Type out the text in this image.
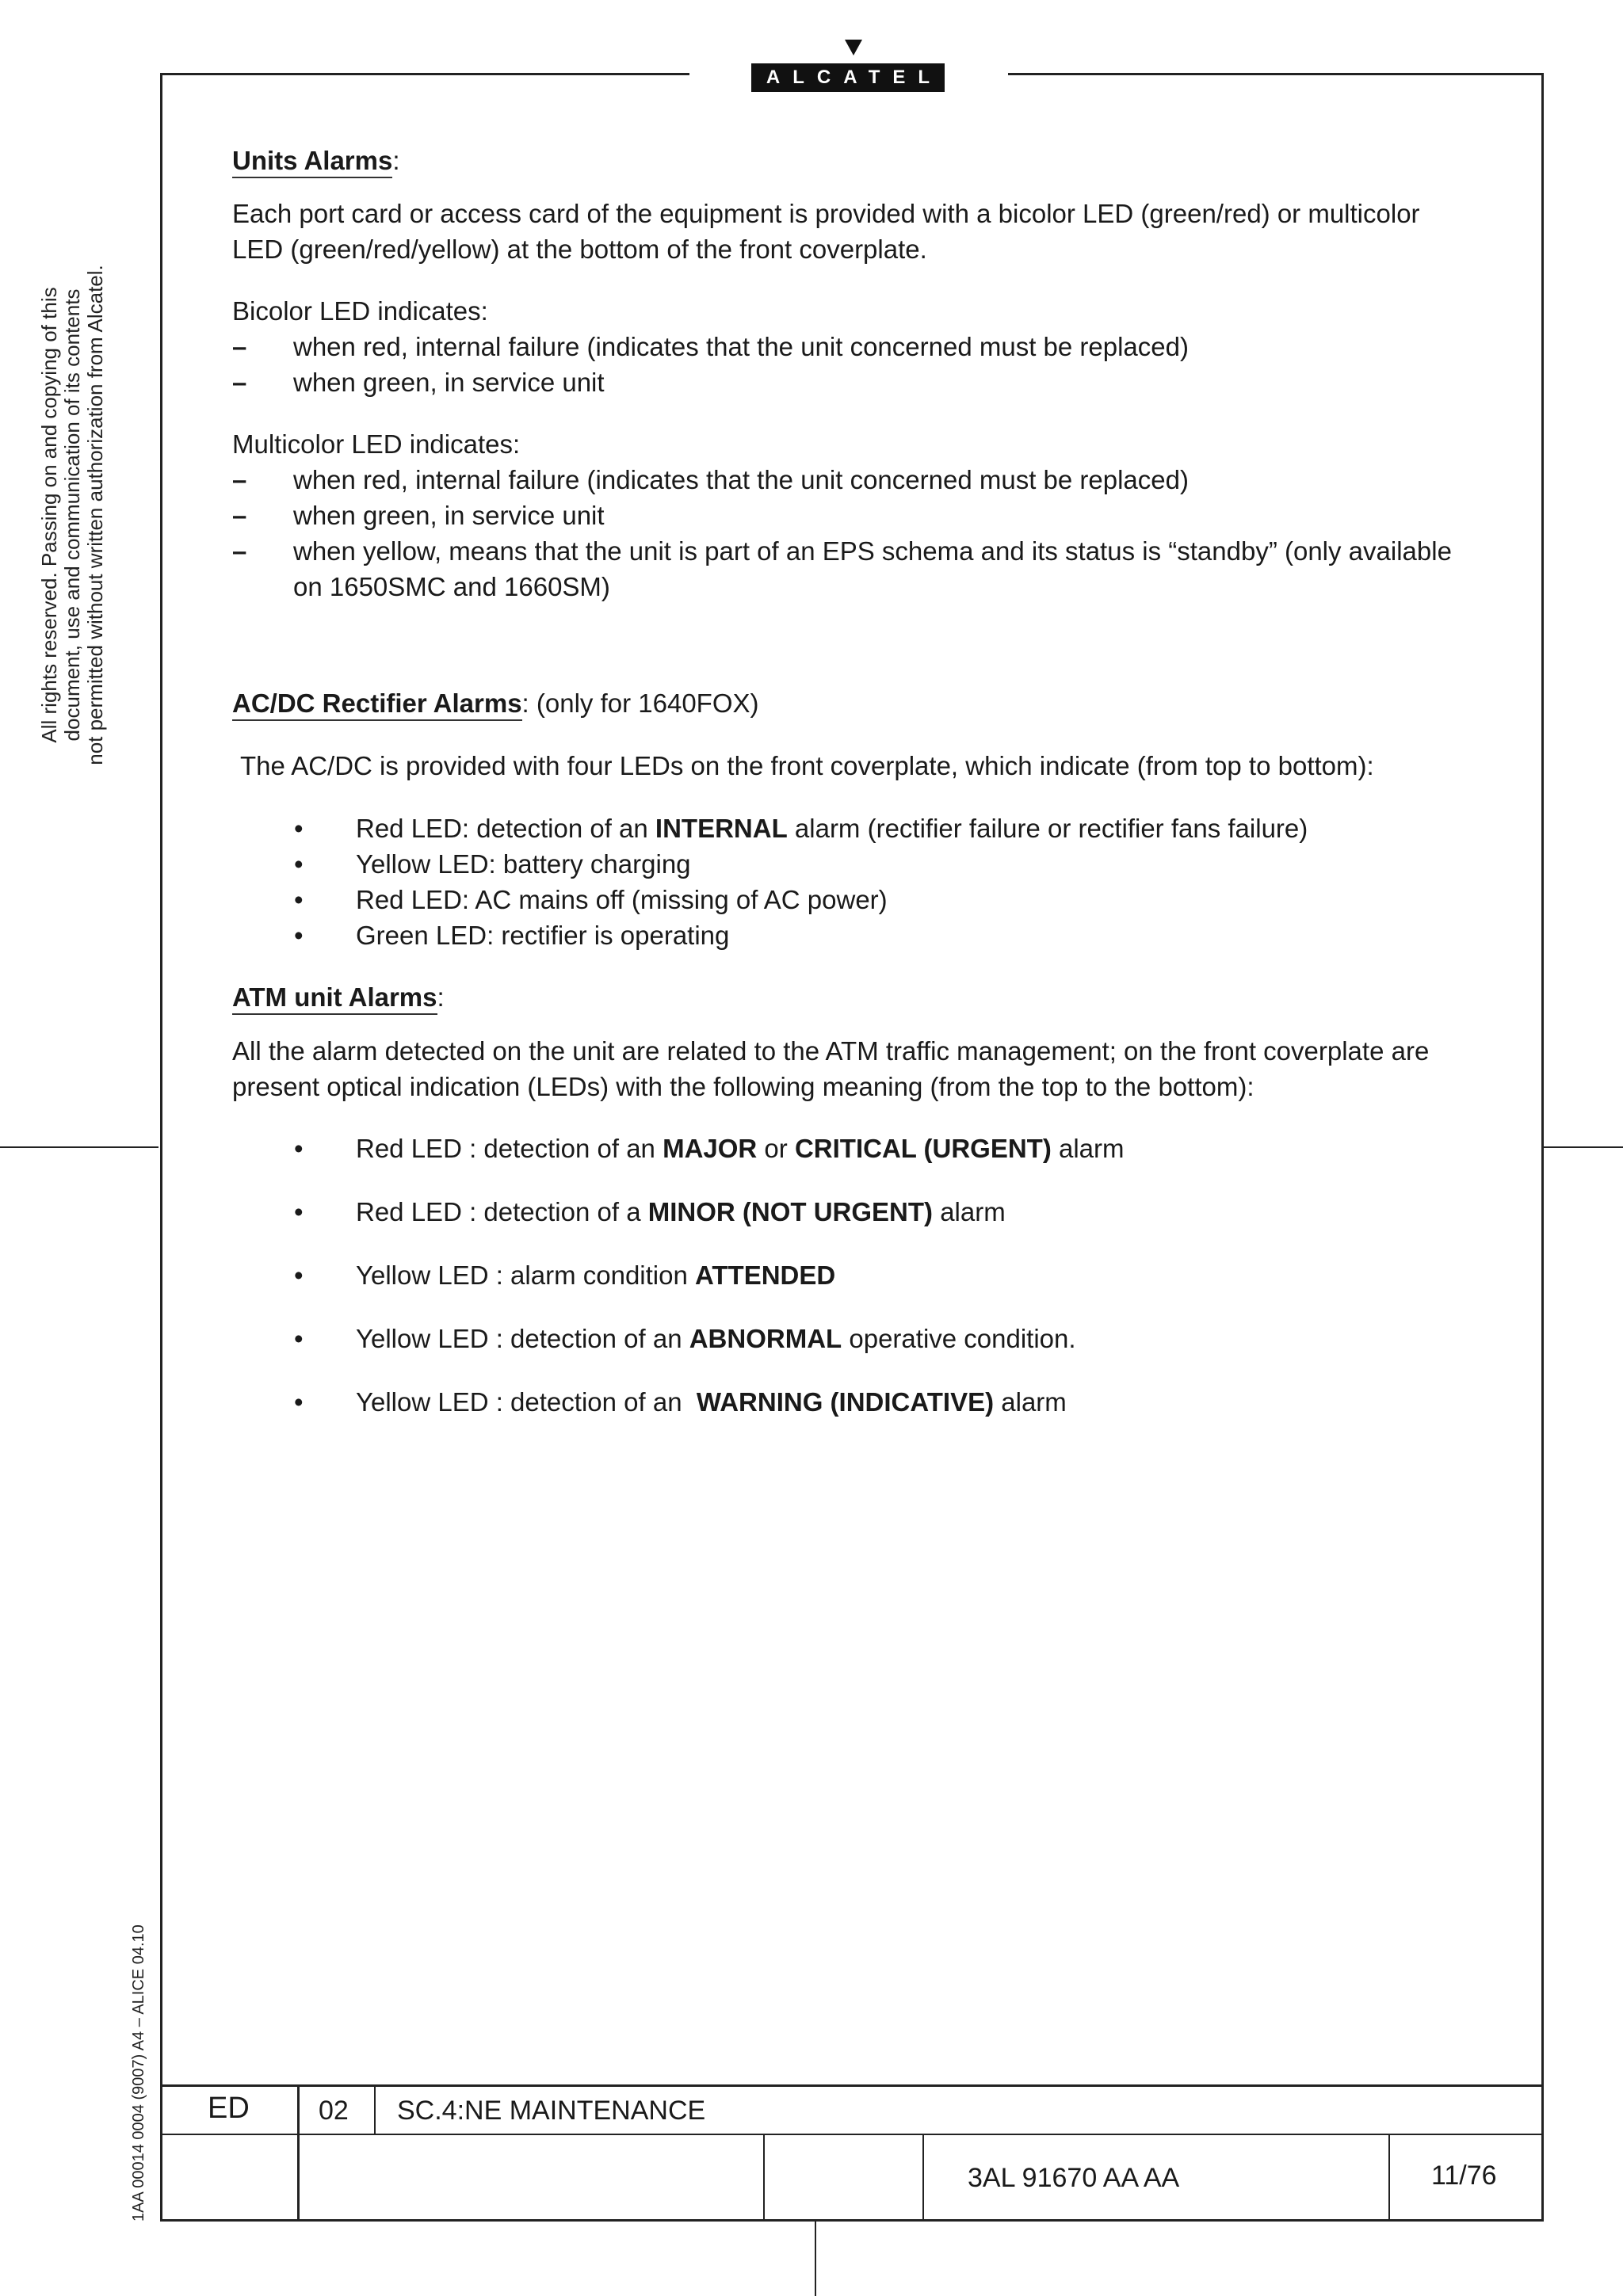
ALCATEL
All rights reserved. Passing on and copying of this document, use and communication of its contents not permitted without written authorization from Alcatel.
1AA 00014 0004 (9007) A4 – ALICE 04.10
Units Alarms:

Each port card or access card of the equipment is provided with a bicolor LED (green/red) or multicolor
LED (green/red/yellow) at the bottom of the front coverplate.

Bicolor LED indicates:

– when red, internal failure (indicates that the unit concerned must be replaced)
– when green, in service unit

Multicolor LED indicates:

– when red, internal failure (indicates that the unit concerned must be replaced)
– when green, in service unit
– when yellow, means that the unit is part of an EPS schema and its status is “standby” (only available
on 1650SMC and 1660SM)
AC/DC Rectifier Alarms: (only for 1640FOX)

The AC/DC is provided with four LEDs on the front coverplate, which indicate (from top to bottom):

• Red LED: detection of an INTERNAL alarm (rectifier failure or rectifier fans failure)
• Yellow LED: battery charging
• Red LED: AC mains off (missing of AC power)
• Green LED: rectifier is operating
ATM unit Alarms:

All the alarm detected on the unit are related to the ATM traffic management; on the front coverplate are
present optical indication (LEDs) with the following meaning (from the top to the bottom):

• Red LED : detection of an MAJOR or CRITICAL (URGENT) alarm
• Red LED : detection of a MINOR (NOT URGENT) alarm
• Yellow LED : alarm condition ATTENDED
• Yellow LED : detection of an ABNORMAL operative condition.
• Yellow LED : detection of an  WARNING (INDICATIVE) alarm
ED	02 SC.4:NE MAINTENANCE
3AL 91670 AA AA	11/76
